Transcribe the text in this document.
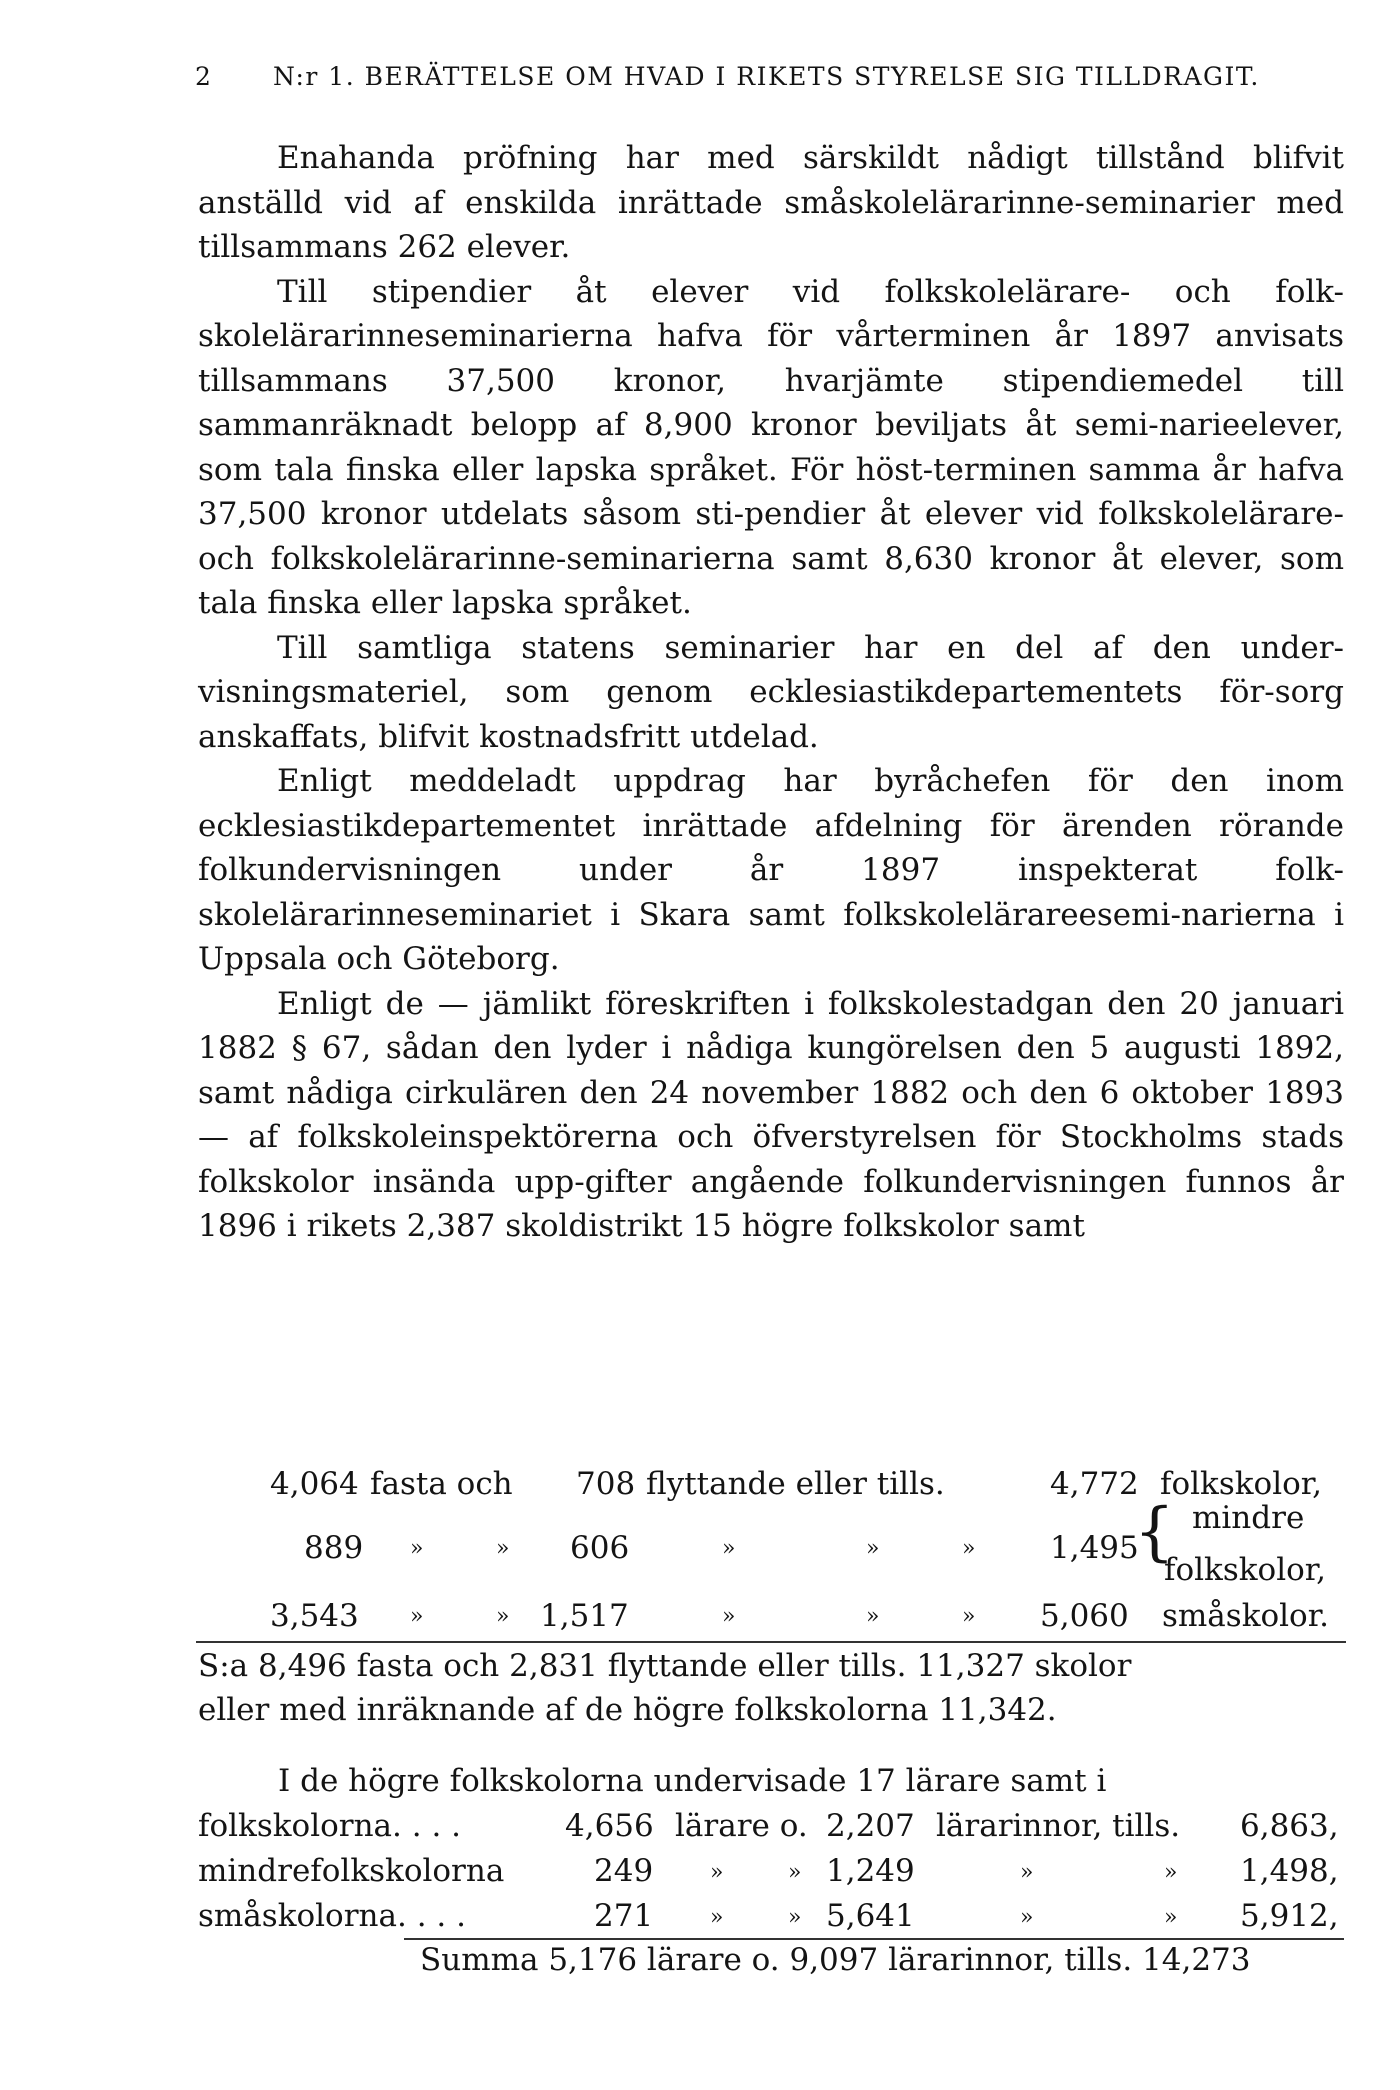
2 N:r 1. BERÄTTELSE OM HVAD I RIKETS STYRELSE SIG TILLDRAGIT.

Enahanda pröfning har med särskildt nådigt tillstånd blifvit anställd vid af enskilda inrättade småskolelärarinne-seminarier med tillsammans 262 elever.

Till stipendier åt elever vid folkskolelärare- och folk-skolelärarinneseminarierna hafva för vårterminen år 1897 anvisats tillsammans 37,500 kronor, hvarjämte stipendiemedel till sammanräknadt belopp af 8,900 kronor beviljats åt semi-narieelever, som tala finska eller lapska språket. För höst-terminen samma år hafva 37,500 kronor utdelats såsom sti-pendier åt elever vid folkskolelärare- och folkskolelärarinne-seminarierna samt 8,630 kronor åt elever, som tala finska eller lapska språket.

Till samtliga statens seminarier har en del af den under-visningsmateriel, som genom ecklesiastikdepartementets för-sorg anskaffats, blifvit kostnadsfritt utdelad.

Enligt meddeladt uppdrag har byråchefen för den inom ecklesiastikdepartementet inrättade afdelning för ärenden rörande folkundervisningen under år 1897 inspekterat folk-skolelärarinneseminariet i Skara samt folkskolelärareesemi-narierna i Uppsala och Göteborg.

Enligt de — jämlikt föreskriften i folkskolestadgan den 20 januari 1882 § 67, sådan den lyder i nådiga kungörelsen den 5 augusti 1892, samt nådiga cirkulären den 24 november 1882 och den 6 oktober 1893 — af folkskoleinspektörerna och öfverstyrelsen för Stockholms stads folkskolor insända upp-gifter angående folkundervisningen funnos år 1896 i rikets 2,387 skoldistrikt 15 högre folkskolor samt

4,064 fasta och 708 flyttande eller tills.	4,772 folkskolor,
889 »	» 606	»	»	» 1,495
{ mindre
folkskolor,
3,543 »	» 1,517	»	»	» 5,060 småskolor.
S:a 8,496 fasta och 2,831 flyttande eller tills. 11,327 skolor
eller med inräknande af de högre folkskolorna 11,342.
I de högre folkskolorna undervisade 17 lärare samt i
folkskolorna. . . .	4,656 lärare o. 2,207 lärarinnor, tills. 6,863,
mindrefolkskolorna	249	»	» 1,249	»	» 1,498,
småskolorna. . . .	271	»	» 5,641	»	» 5,912,
Summa 5,176 lärare o. 9,097 lärarinnor, tills. 14,273
